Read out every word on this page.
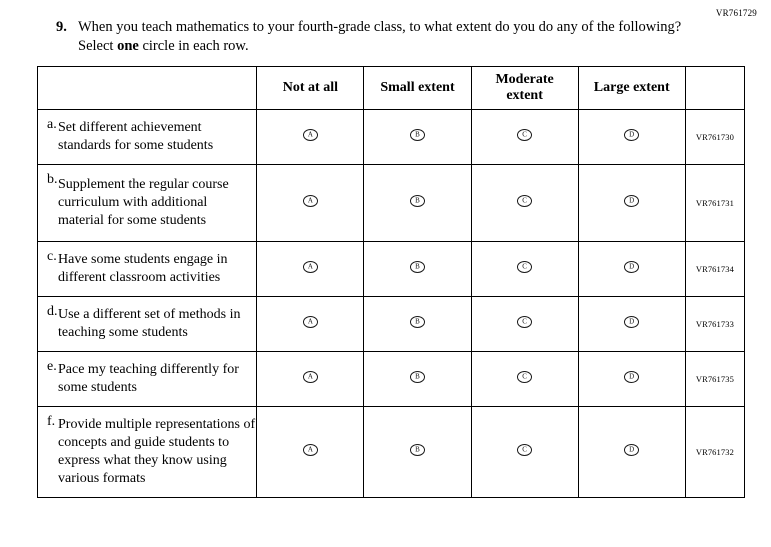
VR761729
9. When you teach mathematics to your fourth-grade class, to what extent do you do any of the following? Select one circle in each row.
	Not at all	Small extent	Moderate extent	Large extent	

a. Set different achievement standards for some students	A	B	C	D	VR761730

b. Supplement the regular course curriculum with additional material for some students	A	B	C	D	VR761731

c. Have some students engage in different classroom activities	A	B	C	D	VR761734

d. Use a different set of methods in teaching some students	A	B	C	D	VR761733

e. Pace my teaching differently for some students	A	B	C	D	VR761735

f. Provide multiple representations of concepts and guide students to express what they know using various formats	A	B	C	D	VR761732
